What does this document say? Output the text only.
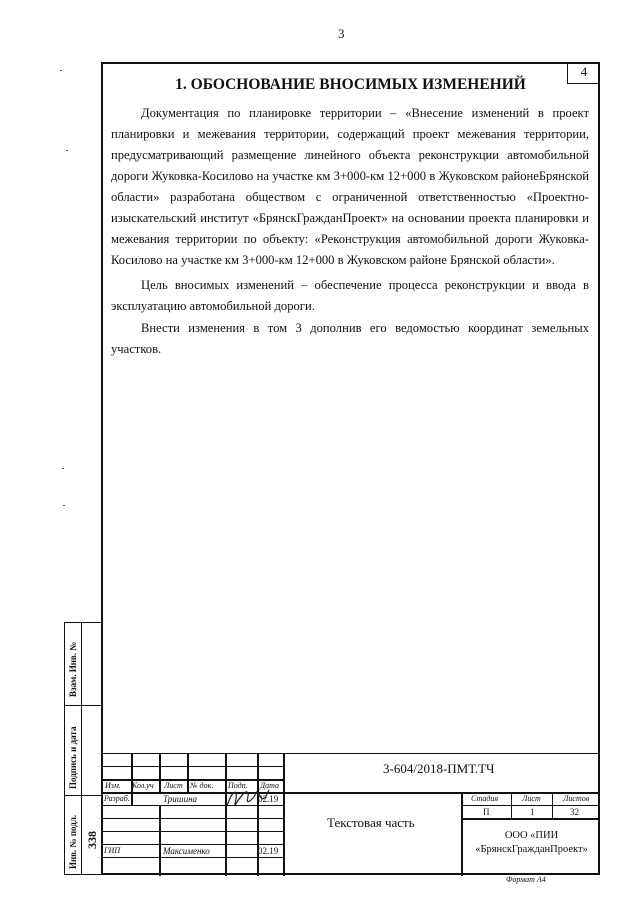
3
4
1. ОБОСНОВАНИЕ ВНОСИМЫХ ИЗМЕНЕНИЙ
Документация по планировке территории – «Внесение изменений в проект планировки и межевания территории, содержащий проект межевания территории, предусматривающий размещение линейного объекта реконструкции автомобильной дороги Жуковка-Косилово на участке км 3+000-км 12+000 в Жуковском районеБрянской области» разработана обществом с ограниченной ответственностью «Проектно-изыскательский институт «БрянскГражданПроект» на основании проекта планировки и межевания территории по объекту: «Реконструкция автомобильной дороги Жуковка-Косилово на участке км 3+000-км 12+000 в Жуковском районе Брянской области».
Цель вносимых изменений – обеспечение процесса реконструкции и ввода в эксплуатацию автомобильной дороги.
Внести изменения в том 3 дополнив его ведомостью координат земельных участков.
Взам. Инв. №
Подпись и дата
Инв. № подл. 338
3-604/2018-ПМТ.ТЧ
Изм. Кол.уч Лист № док. Подп. Дата
Разраб.	Тришина	02.19
ГИП	Максименко	02.19
Текстовая часть
Стадия	Лист	Листов
П	1	32
ООО «ПИИ
«БрянскГражданПроект»
Формат А4
